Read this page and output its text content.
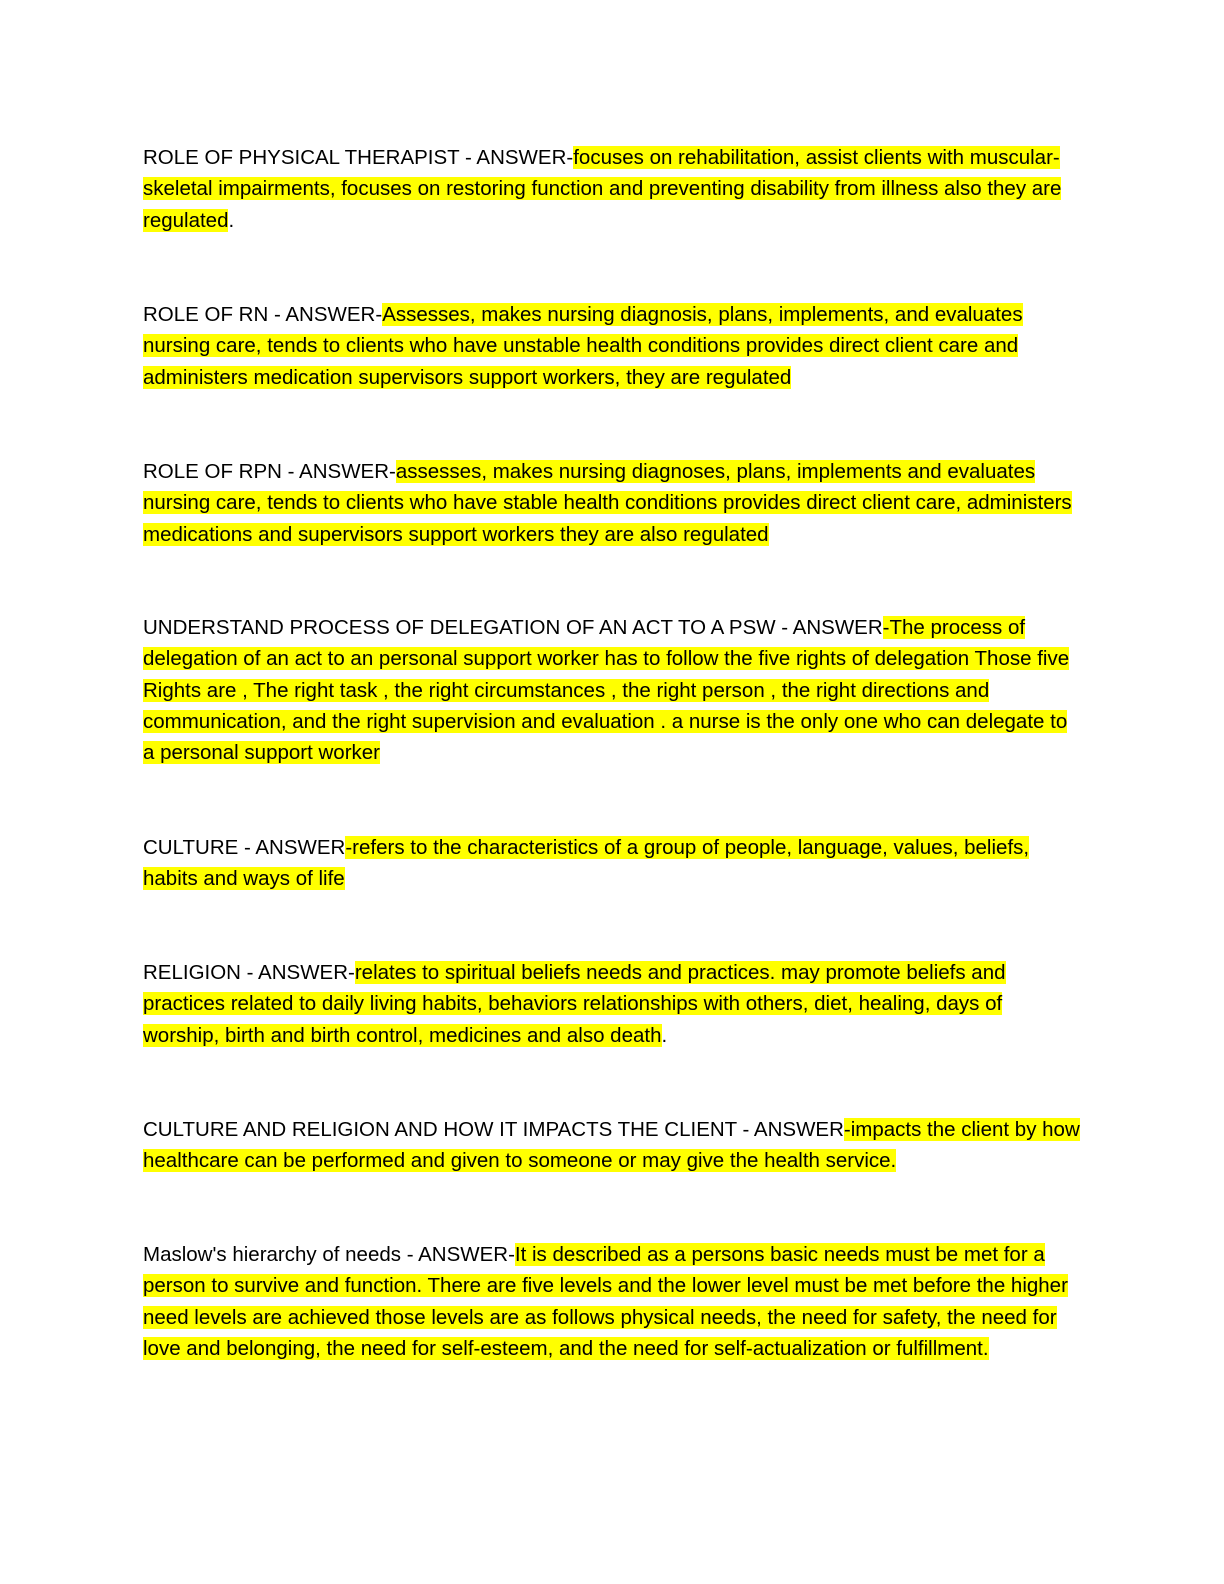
ROLE OF PHYSICAL THERAPIST - ANSWER-focuses on rehabilitation, assist clients with muscular-skeletal impairments, focuses on restoring function and preventing disability from illness also they are regulated.

ROLE OF RN - ANSWER-Assesses, makes nursing diagnosis, plans, implements, and evaluates nursing care, tends to clients who have unstable health conditions provides direct client care and administers medication supervisors support workers, they are regulated

ROLE OF RPN - ANSWER-assesses, makes nursing diagnoses, plans, implements and evaluates nursing care, tends to clients who have stable health conditions provides direct client care, administers medications and supervisors support workers they are also regulated

UNDERSTAND PROCESS OF DELEGATION OF AN ACT TO A PSW - ANSWER-The process of delegation of an act to an personal support worker has to follow the five rights of delegation Those five Rights are , The right task , the right circumstances , the right person , the right directions and communication, and the right supervision and evaluation . a nurse is the only one who can delegate to a personal support worker

CULTURE - ANSWER-refers to the characteristics of a group of people, language, values, beliefs, habits and ways of life

RELIGION - ANSWER-relates to spiritual beliefs needs and practices. may promote beliefs and practices related to daily living habits, behaviors relationships with others, diet, healing, days of worship, birth and birth control, medicines and also death.

CULTURE AND RELIGION AND HOW IT IMPACTS THE CLIENT - ANSWER-impacts the client by how healthcare can be performed and given to someone or may give the health service.

Maslow's hierarchy of needs - ANSWER-It is described as a persons basic needs must be met for a person to survive and function. There are five levels and the lower level must be met before the higher need levels are achieved those levels are as follows physical needs, the need for safety, the need for love and belonging, the need for self-esteem, and the need for self-actualization or fulfillment.
